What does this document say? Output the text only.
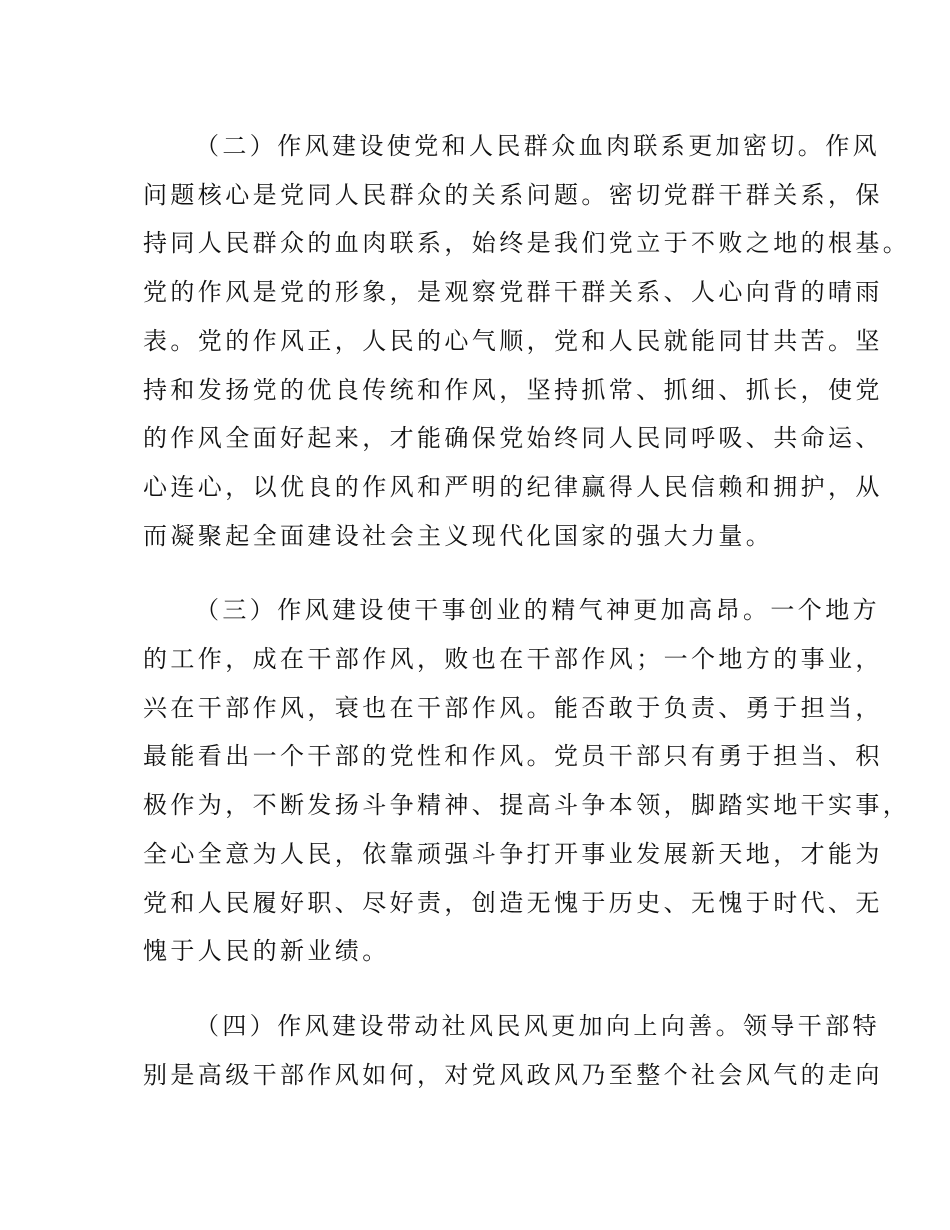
（二）作风建设使党和人民群众血肉联系更加密切。作风
问题核心是党同人民群众的关系问题。密切党群干群关系，保
持同人民群众的血肉联系，始终是我们党立于不败之地的根基。
党的作风是党的形象，是观察党群干群关系、人心向背的晴雨
表。党的作风正，人民的心气顺，党和人民就能同甘共苦。坚
持和发扬党的优良传统和作风，坚持抓常、抓细、抓长，使党
的作风全面好起来，才能确保党始终同人民同呼吸、共命运、
心连心，以优良的作风和严明的纪律赢得人民信赖和拥护，从
而凝聚起全面建设社会主义现代化国家的强大力量。
（三）作风建设使干事创业的精气神更加高昂。一个地方
的工作，成在干部作风，败也在干部作风；一个地方的事业，
兴在干部作风，衰也在干部作风。能否敢于负责、勇于担当，
最能看出一个干部的党性和作风。党员干部只有勇于担当、积
极作为，不断发扬斗争精神、提高斗争本领，脚踏实地干实事，
全心全意为人民，依靠顽强斗争打开事业发展新天地，才能为
党和人民履好职、尽好责，创造无愧于历史、无愧于时代、无
愧于人民的新业绩。
（四）作风建设带动社风民风更加向上向善。领导干部特
别是高级干部作风如何，对党风政风乃至整个社会风气的走向
